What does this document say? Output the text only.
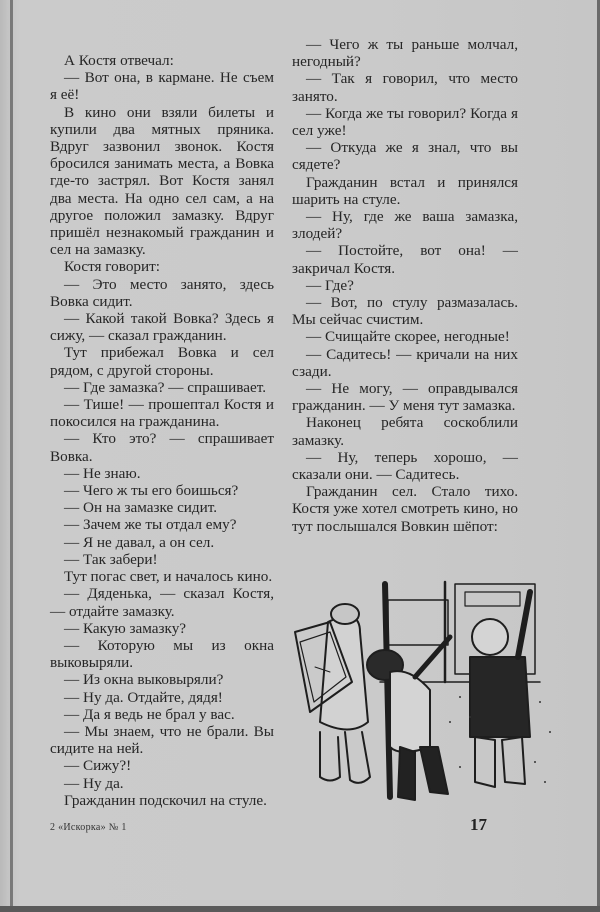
А Костя отвечал:

— Вот она, в кармане. Не съем я её!

В кино они взяли билеты и купили два мятных пряника. Вдруг зазвонил звонок. Костя бросился занимать места, а Вовка где-то застрял. Вот Костя занял два места. На одно сел сам, а на другое положил замазку. Вдруг пришёл незнакомый гражданин и сел на замазку.

Костя говорит:

— Это место занято, здесь Вовка сидит.

— Какой такой Вовка? Здесь я сижу, — сказал гражданин.

Тут прибежал Вовка и сел рядом, с другой стороны.

— Где замазка? — спрашивает.

— Тише! — прошептал Костя и покосился на гражданина.

— Кто это? — спрашивает Вовка.

— Не знаю.

— Чего ж ты его боишься?

— Он на замазке сидит.

— Зачем же ты отдал ему?

— Я не давал, а он сел.

— Так забери!

Тут погас свет, и началось кино.

— Дяденька, — сказал Костя, — отдайте замазку.

— Какую замазку?

— Которую мы из окна выковыряли.

— Из окна выковыряли?

— Ну да. Отдайте, дядя!

— Да я ведь не брал у вас.

— Мы знаем, что не брали. Вы сидите на ней.

— Сижу?!

— Ну да.

Гражданин подскочил на стуле.

— Чего ж ты раньше молчал, негодный?

— Так я говорил, что место занято.

— Когда же ты говорил? Когда я сел уже!

— Откуда же я знал, что вы сядете?

Гражданин встал и принялся шарить на стуле.

— Ну, где же ваша замазка, злодей?

— Постойте, вот она! — закричал Костя.

— Где?

— Вот, по стулу размазалась. Мы сейчас счистим.

— Счищайте скорее, негодные!

— Садитесь! — кричали на них сзади.

— Не могу, — оправдывался гражданин. — У меня тут замазка.

Наконец ребята соскоблили замазку.

— Ну, теперь хорошо, — сказали они. — Садитесь.

Гражданин сел. Стало тихо. Костя уже хотел смотреть кино, но тут послышался Вовкин шёпот:

2 «Искорка» № 1	17
